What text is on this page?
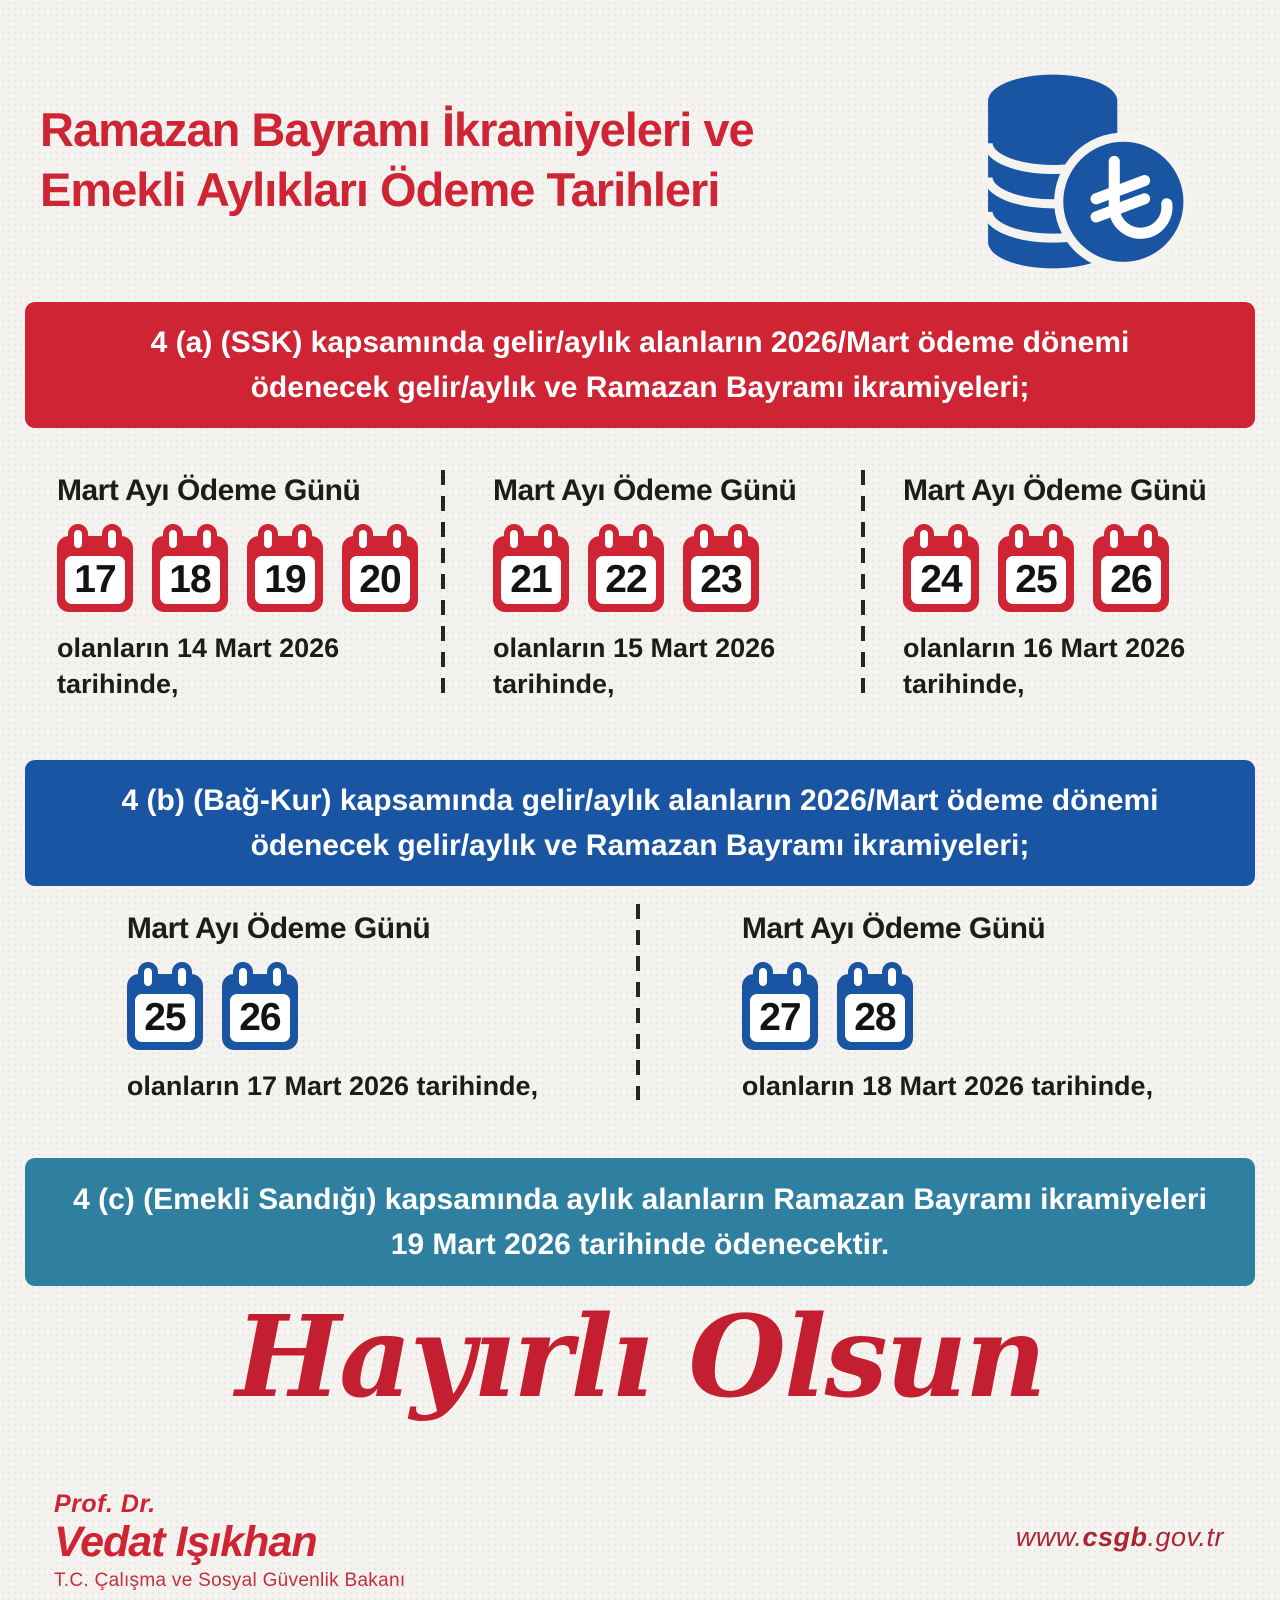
Ramazan Bayramı İkramiyeleri ve
Emekli Aylıkları Ödeme Tarihleri
4 (a) (SSK) kapsamında gelir/aylık alanların 2026/Mart ödeme dönemi ödenecek gelir/aylık ve Ramazan Bayramı ikramiyeleri;
Mart Ayı Ödeme Günü
17 18 19 20
olanların 14 Mart 2026
tarihinde,
Mart Ayı Ödeme Günü
21 22 23
olanların 15 Mart 2026
tarihinde,
Mart Ayı Ödeme Günü
24 25 26
olanların 16 Mart 2026
tarihinde,
4 (b) (Bağ-Kur) kapsamında gelir/aylık alanların 2026/Mart ödeme dönemi ödenecek gelir/aylık ve Ramazan Bayramı ikramiyeleri;
Mart Ayı Ödeme Günü
25 26
olanların 17 Mart 2026 tarihinde,
Mart Ayı Ödeme Günü
27 28
olanların 18 Mart 2026 tarihinde,
4 (c) (Emekli Sandığı) kapsamında aylık alanların Ramazan Bayramı ikramiyeleri 19 Mart 2026 tarihinde ödenecektir.
Hayırlı Olsun
Prof. Dr.
Vedat Işıkhan
T.C. Çalışma ve Sosyal Güvenlik Bakanı
www.csgb.gov.tr
